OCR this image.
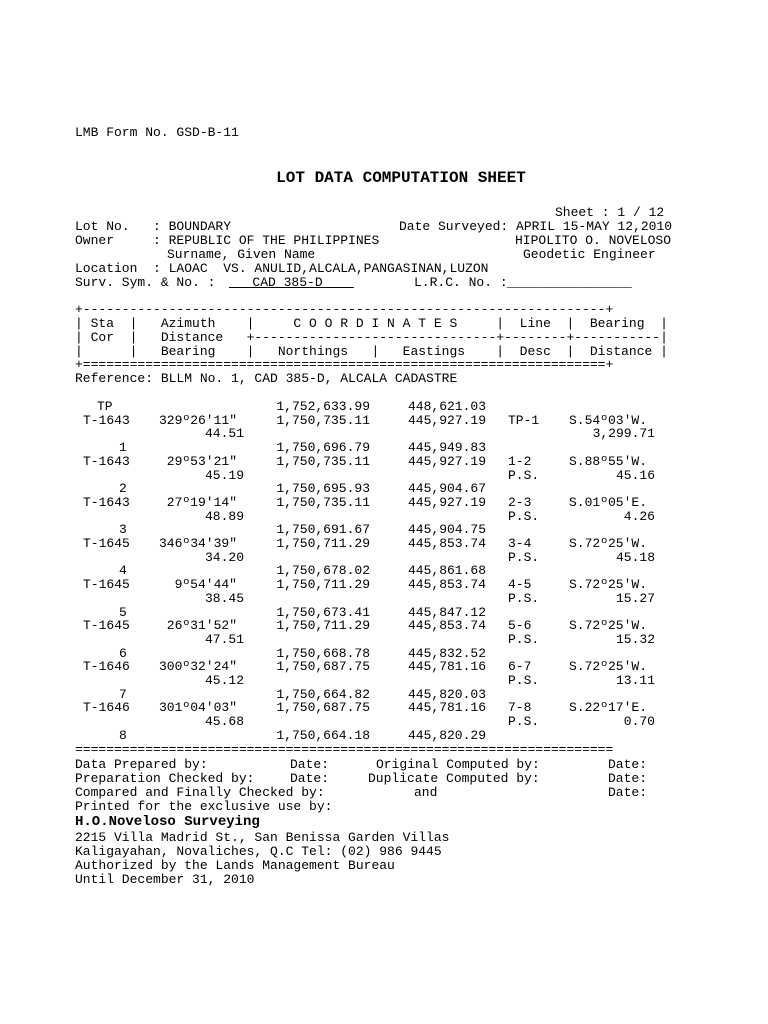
LMB Form No. GSD-B-11
LOT DATA COMPUTATION SHEET
Sheet : 1 / 12
Lot No.   : BOUNDARY	Date Surveyed: APRIL 15-MAY 12,2010
Owner     : REPUBLIC OF THE PHILIPPINES	HIPOLITO O. NOVELOSO
Surname, Given Name	Geodetic Engineer
Location  : LAOAC  VS. ANULID,ALCALA,PANGASINAN,LUZON
Surv. Sym. & No. : CAD 385-D	L.R.C. No. : ________________
+-------------------------------------------------------------------+
| Sta  |   Azimuth    |     C O O R D I N A T E S     |  Line  |  Bearing  |
| Cor  |   Distance   +-------------------------------+--------+-----------|
|      |   Bearing    |   Northings   |   Eastings    |  Desc  |  Distance |
+===================================================================+
Reference: BLLM No. 1, CAD 385-D, ALCALA CADASTRE
TP	1,752,633.99	448,621.03
T-1643 329º26'11"	1,750,735.11	445,927.19 TP-1 S.54º03'W.
44.51	3,299.71
1	1,750,696.79	445,949.83
T-1643	29º53'21"	1,750,735.11	445,927.19 1-2	S.88º55'W.
45.19	P.S.	45.16
2	1,750,695.93	445,904.67
T-1643	27º19'14"	1,750,735.11	445,927.19 2-3	S.01º05'E.
48.89	P.S.	4.26
3	1,750,691.67	445,904.75
T-1645 346º34'39"	1,750,711.29	445,853.74 3-4	S.72º25'W.
34.20	P.S.	45.18
4	1,750,678.02	445,861.68
T-1645	9º54'44"	1,750,711.29	445,853.74 4-5	S.72º25'W.
38.45	P.S.	15.27
5	1,750,673.41	445,847.12
T-1645	26º31'52"	1,750,711.29	445,853.74 5-6	S.72º25'W.
47.51	P.S.	15.32
6	1,750,668.78	445,832.52
T-1646 300º32'24"	1,750,687.75	445,781.16 6-7	S.72º25'W.
45.12	P.S.	13.11
7	1,750,664.82	445,820.03
T-1646 301º04'03"	1,750,687.75	445,781.16 7-8	S.22º17'E.
45.68	P.S.	0.70
8	1,750,664.18	445,820.29
=====================================================================
Data Prepared by:	Date:	Original Computed by:	Date:
Preparation Checked by:	Date:	Duplicate Computed by:	Date:
Compared and Finally Checked by:	and	Date:
Printed for the exclusive use by:
H.O.Noveloso Surveying
2215 Villa Madrid St., San Benissa Garden Villas
Kaligayahan, Novaliches, Q.C Tel: (02) 986 9445
Authorized by the Lands Management Bureau
Until December 31, 2010
